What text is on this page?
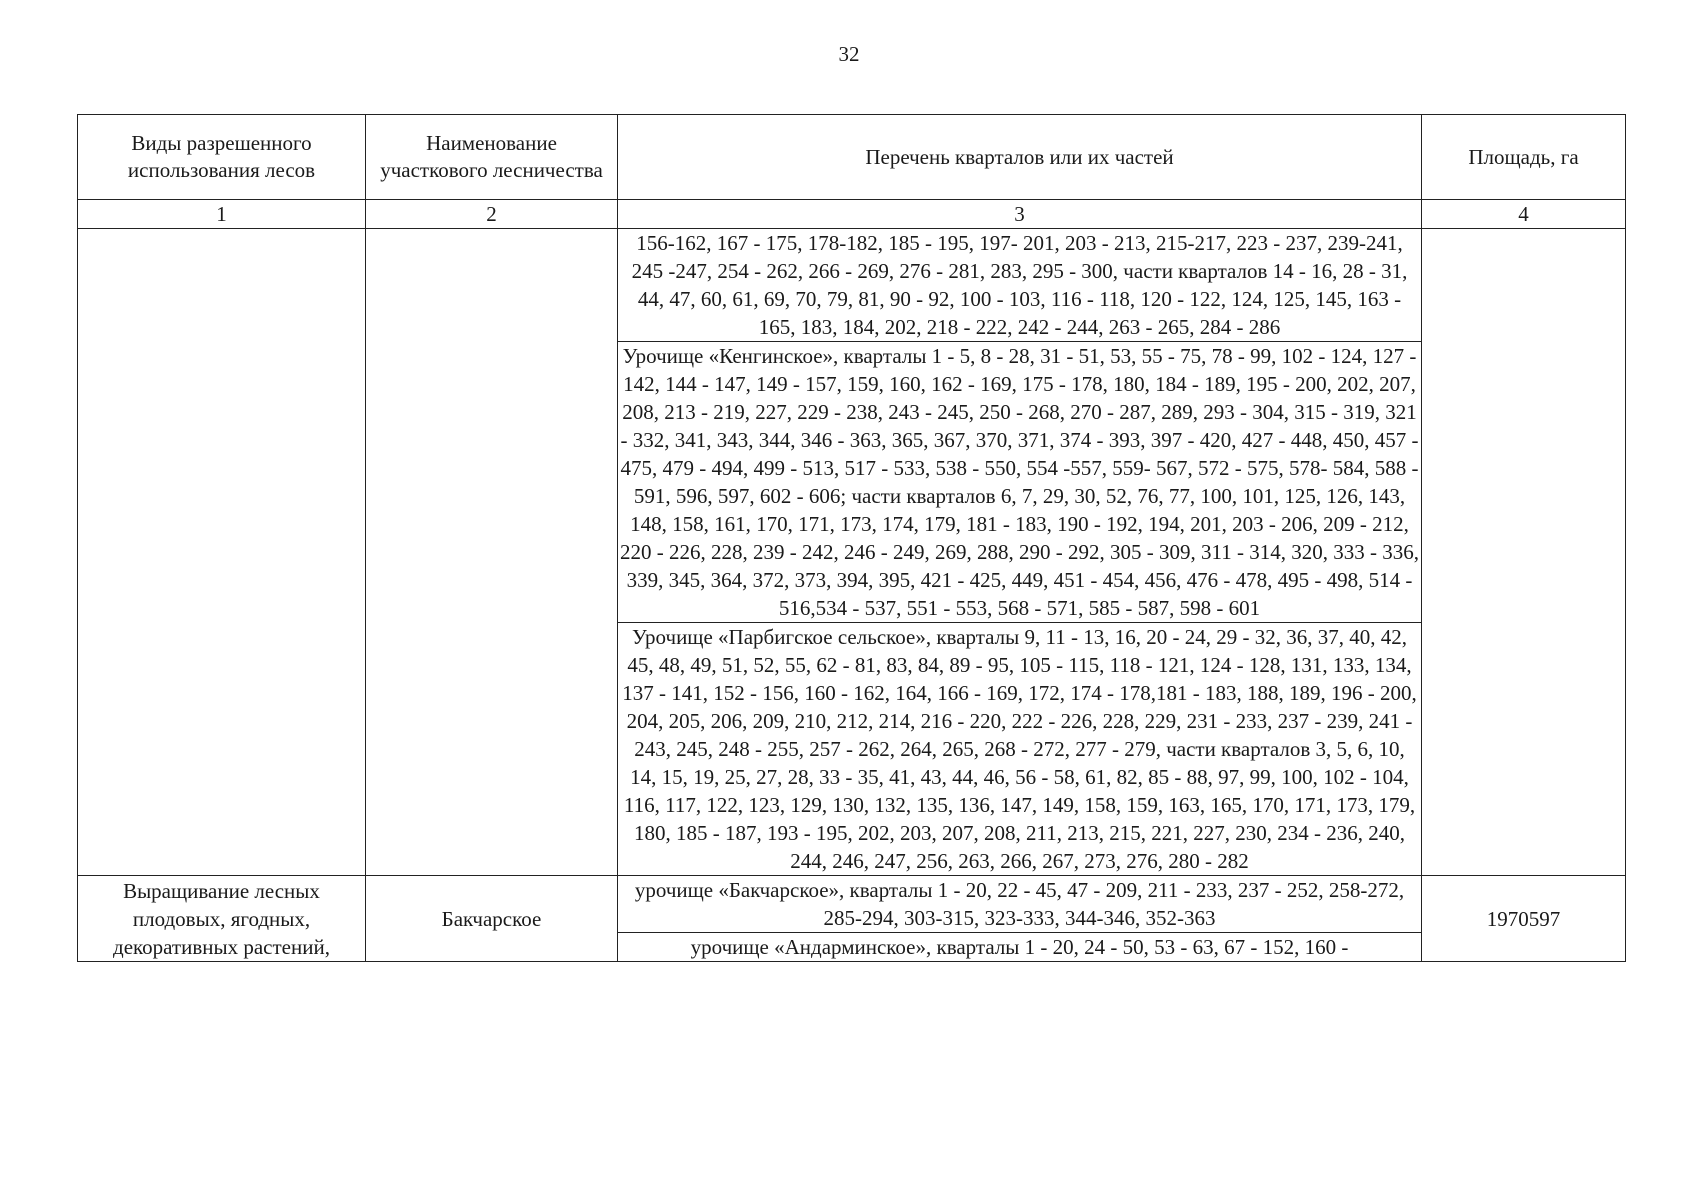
32
Виды разрешенного использования лесов	Наименование участкового лесничества	Перечень кварталов или их частей	Площадь, га
1	2	3	4
		156-162, 167 - 175, 178-182, 185 - 195, 197- 201, 203 - 213, 215-217, 223 - 237, 239-241, 245 -247, 254 - 262, 266 - 269, 276 - 281, 283, 295 - 300, части кварталов 14 - 16, 28 - 31, 44, 47, 60, 61, 69, 70, 79, 81, 90 - 92, 100 - 103, 116 - 118, 120 - 122, 124, 125, 145, 163 - 165, 183, 184, 202, 218 - 222, 242 - 244, 263 - 265, 284 - 286	
		Урочище «Кенгинское», кварталы 1 - 5, 8 - 28, 31 - 51, 53, 55 - 75, 78 - 99, 102 - 124, 127 - 142, 144 - 147, 149 - 157, 159, 160, 162 - 169, 175 - 178, 180, 184 - 189, 195 - 200, 202, 207, 208, 213 - 219, 227, 229 - 238, 243 - 245, 250 - 268, 270 - 287, 289, 293 - 304, 315 - 319, 321 - 332, 341, 343, 344, 346 - 363, 365, 367, 370, 371, 374 - 393, 397 - 420, 427 - 448, 450, 457 - 475, 479 - 494, 499 - 513, 517 - 533, 538 - 550, 554 -557, 559- 567, 572 - 575, 578- 584, 588 - 591, 596, 597, 602 - 606; части кварталов 6, 7, 29, 30, 52, 76, 77, 100, 101, 125, 126, 143, 148, 158, 161, 170, 171, 173, 174, 179, 181 - 183, 190 - 192, 194, 201, 203 - 206, 209 - 212, 220 - 226, 228, 239 - 242, 246 - 249, 269, 288, 290 - 292, 305 - 309, 311 - 314, 320, 333 - 336, 339, 345, 364, 372, 373, 394, 395, 421 - 425, 449, 451 - 454, 456, 476 - 478, 495 - 498, 514 - 516,534 - 537, 551 - 553, 568 - 571, 585 - 587, 598 - 601	
		Урочище «Парбигское сельское», кварталы 9, 11 - 13, 16, 20 - 24, 29 - 32, 36, 37, 40, 42, 45, 48, 49, 51, 52, 55, 62 - 81, 83, 84, 89 - 95, 105 - 115, 118 - 121, 124 - 128, 131, 133, 134, 137 - 141, 152 - 156, 160 - 162, 164, 166 - 169, 172, 174 - 178,181 - 183, 188, 189, 196 - 200, 204, 205, 206, 209, 210, 212, 214, 216 - 220, 222 - 226, 228, 229, 231 - 233, 237 - 239, 241 - 243, 245, 248 - 255, 257 - 262, 264, 265, 268 - 272, 277 - 279, части кварталов 3, 5, 6, 10, 14, 15, 19, 25, 27, 28, 33 - 35, 41, 43, 44, 46, 56 - 58, 61, 82, 85 - 88, 97, 99, 100, 102 - 104, 116, 117, 122, 123, 129, 130, 132, 135, 136, 147, 149, 158, 159, 163, 165, 170, 171, 173, 179, 180, 185 - 187, 193 - 195, 202, 203, 207, 208, 211, 213, 215, 221, 227, 230, 234 - 236, 240, 244, 246, 247, 256, 263, 266, 267, 273, 276, 280 - 282	
Выращивание лесных плодовых, ягодных, декоративных растений,	Бакчарское	урочище «Бакчарское», кварталы 1 - 20, 22 - 45, 47 - 209, 211 - 233, 237 - 252, 258-272, 285-294, 303-315, 323-333, 344-346, 352-363	1970597
		урочище «Андарминское», кварталы 1 - 20, 24 - 50, 53 - 63, 67 - 152, 160 -	
